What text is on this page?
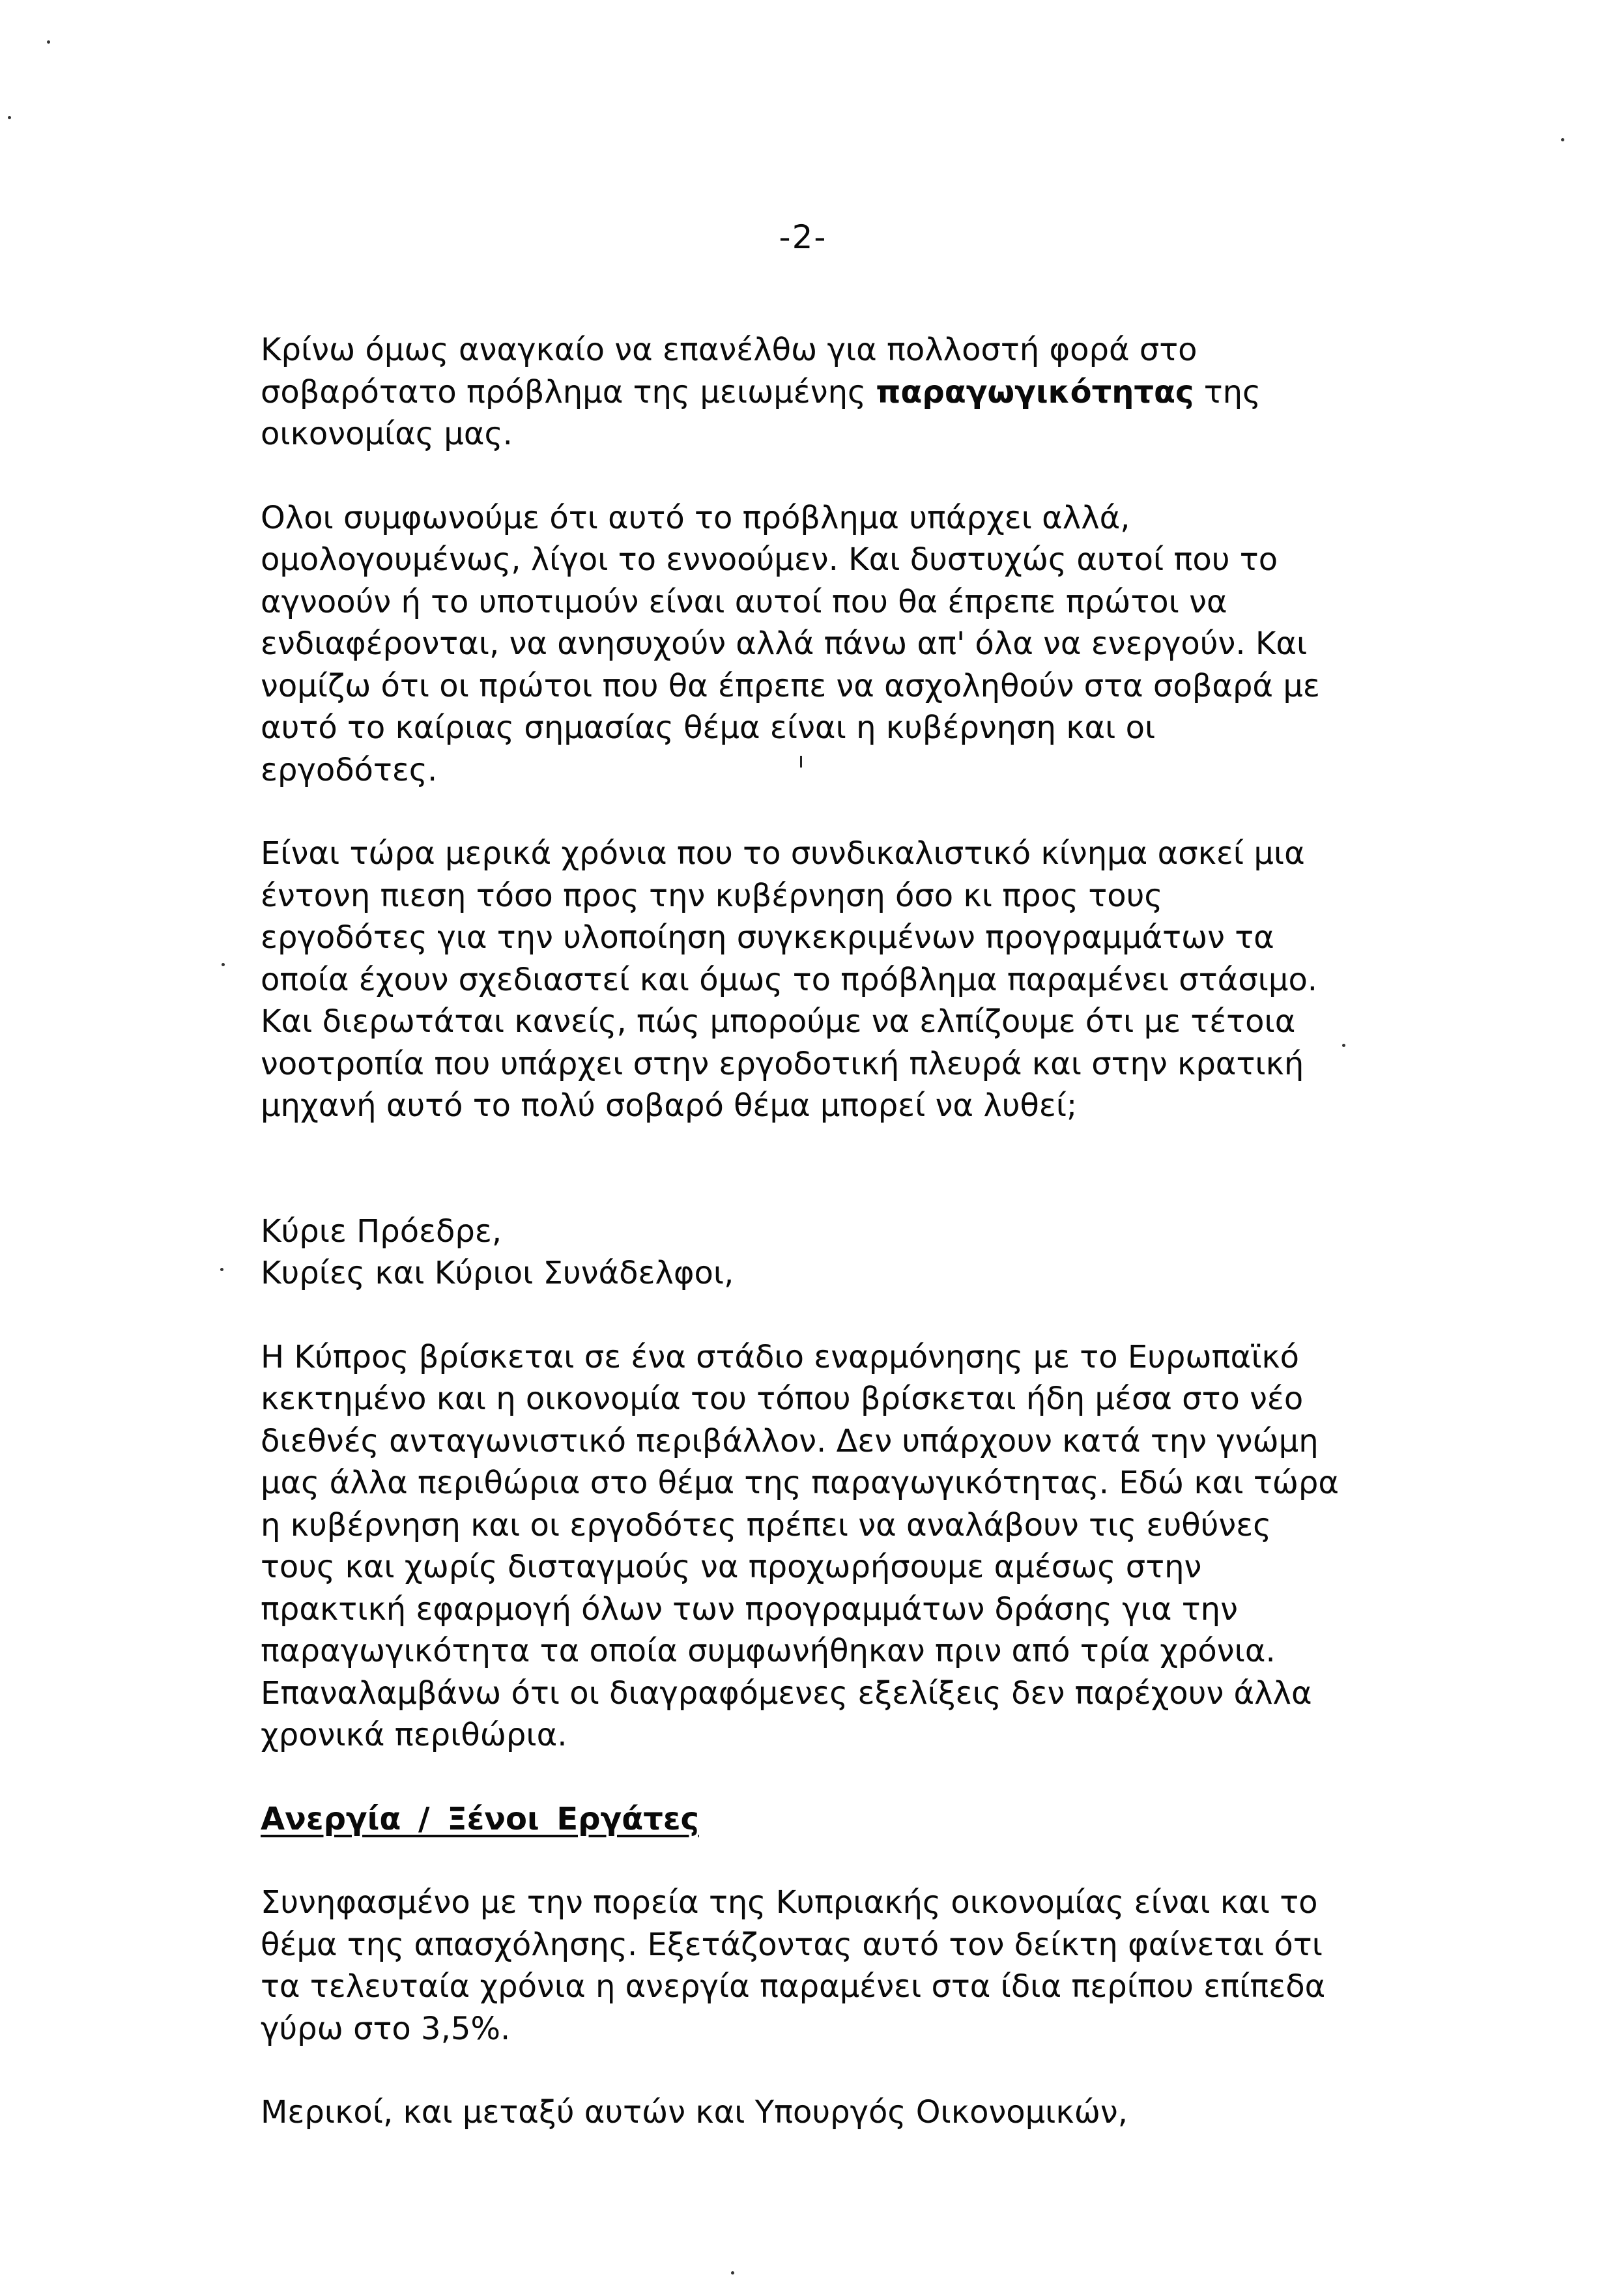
-2-

Κρίνω όμως αναγκαίο να επανέλθω για πολλοστή φορά στο
σοβαρότατο πρόβλημα της μειωμένης παραγωγικότητας της
οικονομίας μας.

Ολοι συμφωνούμε ότι αυτό το πρόβλημα υπάρχει αλλά,
ομολογουμένως, λίγοι το εννοούμεν. Και δυστυχώς αυτοί που το
αγνοούν ή το υποτιμούν είναι αυτοί που θα έπρεπε πρώτοι να
ενδιαφέρονται, να ανησυχούν αλλά πάνω απ' όλα να ενεργούν. Και
νομίζω ότι οι πρώτοι που θα έπρεπε να ασχοληθούν στα σοβαρά με
αυτό το καίριας σημασίας θέμα είναι η κυβέρνηση και οι
εργοδότες.

Είναι τώρα μερικά χρόνια που το συνδικαλιστικό κίνημα ασκεί μια
έντονη πιεση τόσο προς την κυβέρνηση όσο κι προς τους
εργοδότες για την υλοποίηση συγκεκριμένων προγραμμάτων τα
οποία έχουν σχεδιαστεί και όμως το πρόβλημα παραμένει στάσιμο.
Και διερωτάται κανείς, πώς μπορούμε να ελπίζουμε ότι με τέτοια
νοοτροπία που υπάρχει στην εργοδοτική πλευρά και στην κρατική
μηχανή αυτό το πολύ σοβαρό θέμα μπορεί να λυθεί;

Κύριε Πρόεδρε,
Κυρίες και Κύριοι Συνάδελφοι,

Η Κύπρος βρίσκεται σε ένα στάδιο εναρμόνησης με το Ευρωπαϊκό
κεκτημένο και η οικονομία του τόπου βρίσκεται ήδη μέσα στο νέο
διεθνές ανταγωνιστικό περιβάλλον. Δεν υπάρχουν κατά την γνώμη
μας άλλα περιθώρια στο θέμα της παραγωγικότητας. Εδώ και τώρα
η κυβέρνηση και οι εργοδότες πρέπει να αναλάβουν τις ευθύνες
τους και χωρίς δισταγμούς να προχωρήσουμε αμέσως στην
πρακτική εφαρμογή όλων των προγραμμάτων δράσης για την
παραγωγικότητα τα οποία συμφωνήθηκαν πριν από τρία χρόνια.
Επαναλαμβάνω ότι οι διαγραφόμενες εξελίξεις δεν παρέχουν άλλα
χρονικά περιθώρια.

Ανεργία / Ξένοι Εργάτες

Συνηφασμένο με την πορεία της Κυπριακής οικονομίας είναι και το
θέμα της απασχόλησης. Εξετάζοντας αυτό τον δείκτη φαίνεται ότι
τα τελευταία χρόνια η ανεργία παραμένει στα ίδια περίπου επίπεδα
γύρω στο 3,5%.

Μερικοί, και μεταξύ αυτών και Υπουργός Οικονομικών,
